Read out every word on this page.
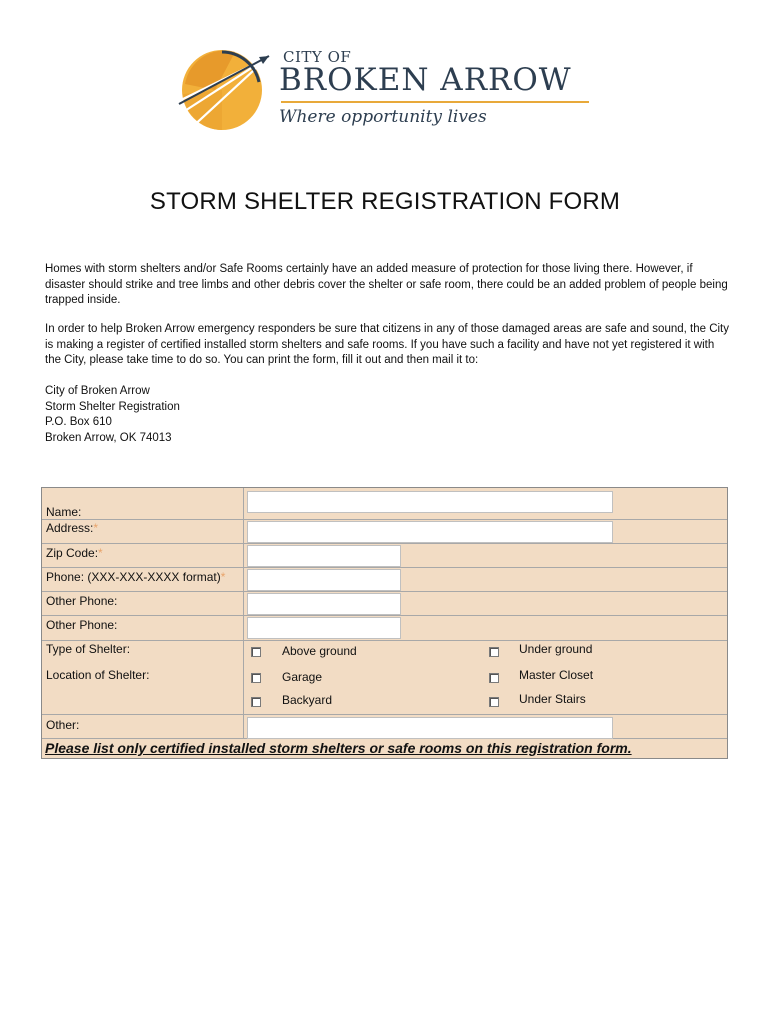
CITY OF
BROKEN ARROW
Where opportunity lives
STORM SHELTER REGISTRATION FORM

Homes with storm shelters and/or Safe Rooms certainly have an added measure of protection for those living there. However, if disaster should strike and tree limbs and other debris cover the shelter or safe room, there could be an added problem of people being trapped inside.

In order to help Broken Arrow emergency responders be sure that citizens in any of those damaged areas are safe and sound, the City is making a register of certified installed storm shelters and safe rooms. If you have such a facility and have not yet registered it with the City, please take time to do so. You can print the form, fill it out and then mail it to:

City of Broken Arrow
Storm Shelter Registration
P.O. Box 610
Broken Arrow, OK 74013
Name:
Address:*
Zip Code:*
Phone: (XXX-XXX-XXXX format)*
Other Phone:
Other Phone:
Type of Shelter:	Above ground	Under ground
Location of Shelter:	Garage	Master Closet
Backyard	Under Stairs
Other:
Please list only certified installed storm shelters or safe rooms on this registration form.
